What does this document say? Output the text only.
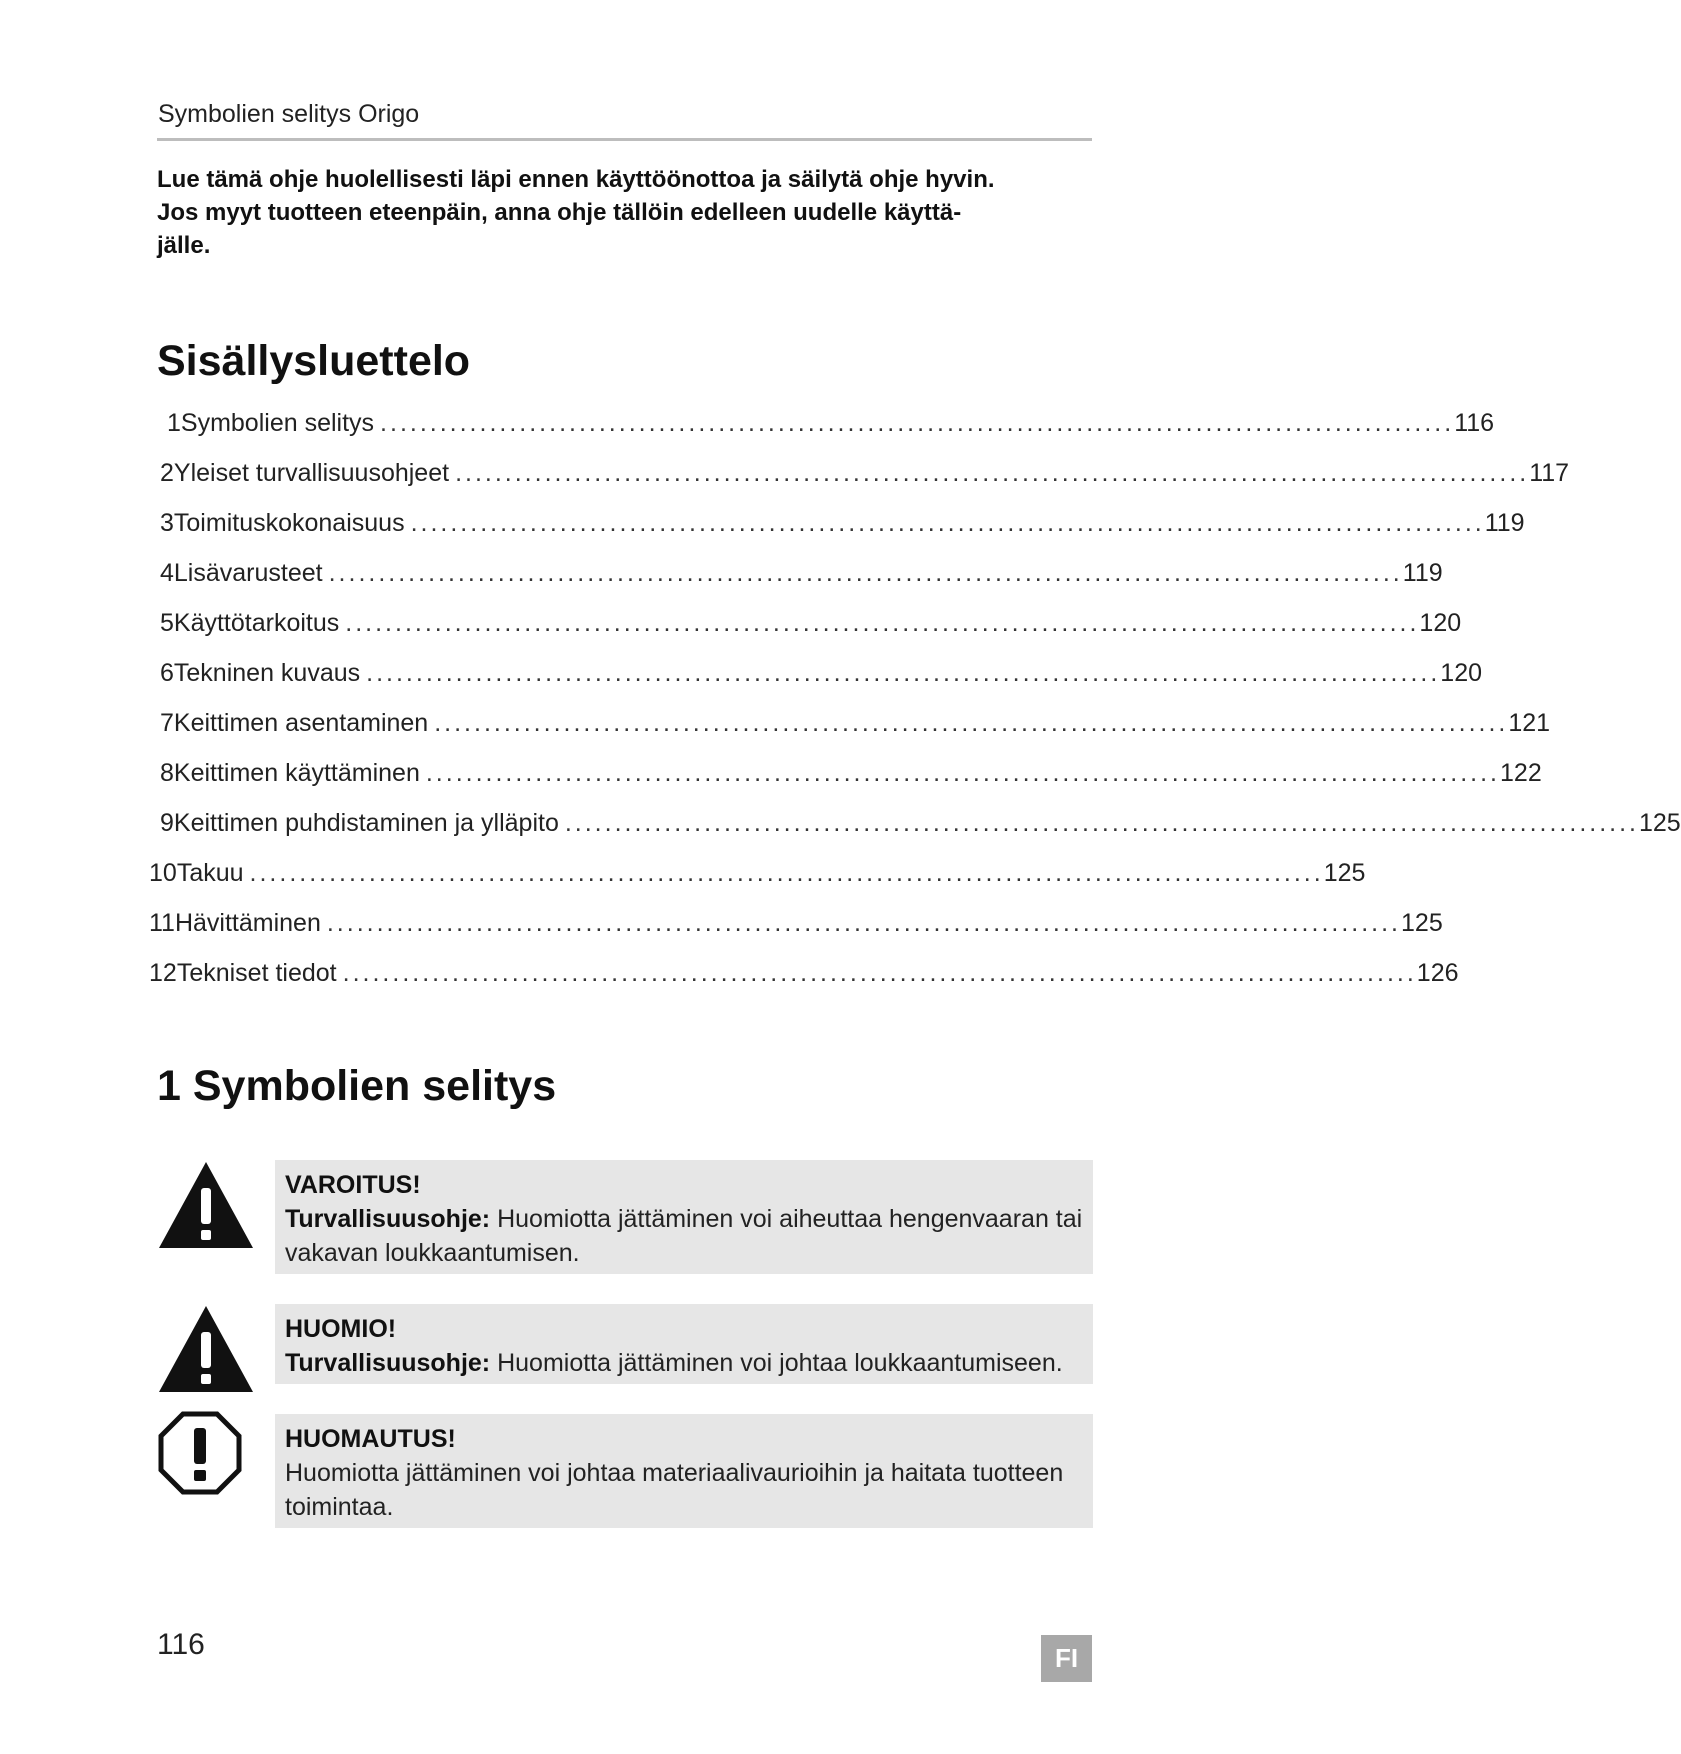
Symbolien selitys Origo
Lue tämä ohje huolellisesti läpi ennen käyttöönottoa ja säilytä ohje hyvin.
Jos myyt tuotteen eteenpäin, anna ohje tällöin edelleen uudelle käyttä-
jälle.
Sisällysluettelo
1 Symbolien selitys ............................................................................................................ 116
2 Yleiset turvallisuusohjeet ............................................................................................................ 117
3 Toimituskokonaisuus ............................................................................................................ 119
4 Lisävarusteet ............................................................................................................ 119
5 Käyttötarkoitus ............................................................................................................ 120
6 Tekninen kuvaus ............................................................................................................ 120
7 Keittimen asentaminen ............................................................................................................ 121
8 Keittimen käyttäminen ............................................................................................................ 122
9 Keittimen puhdistaminen ja ylläpito ............................................................................................................ 125
10 Takuu ............................................................................................................ 125
11 Hävittäminen ............................................................................................................ 125
12 Tekniset tiedot ............................................................................................................ 126
1 Symbolien selitys
VAROITUS!
Turvallisuusohje: Huomiotta jättäminen voi aiheuttaa hengenvaaran tai vakavan loukkaantumisen.
HUOMIO!
Turvallisuusohje: Huomiotta jättäminen voi johtaa loukkaantumiseen.
HUOMAUTUS!
Huomiotta jättäminen voi johtaa materiaalivaurioihin ja haitata tuotteen toimintaa.
116	FI
